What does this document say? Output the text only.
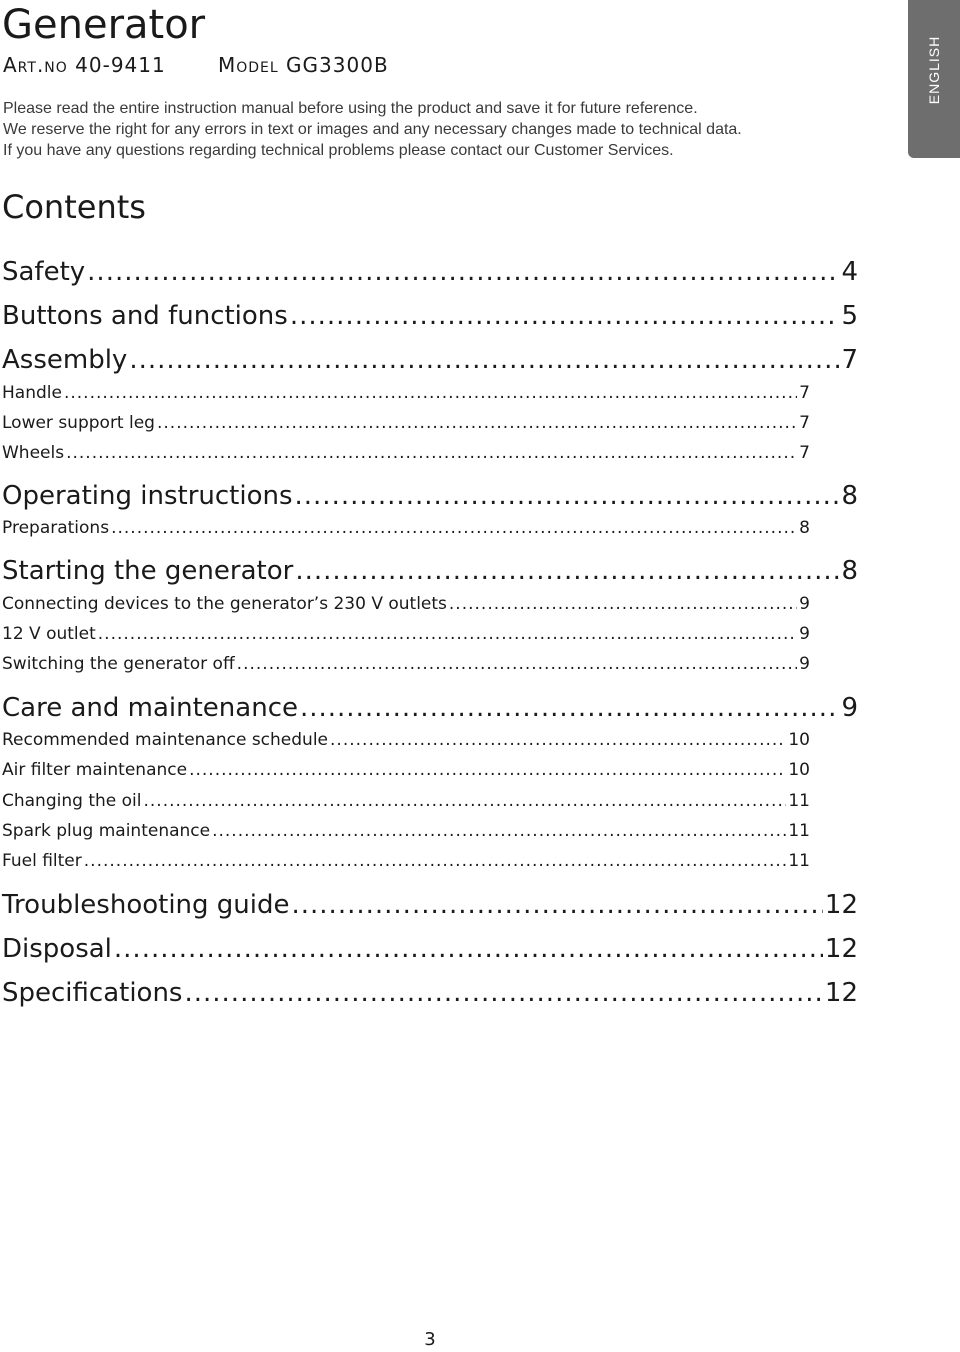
Generator
Art.no 40-9411	Model GG3300B

Please read the entire instruction manual before using the product and save it for future reference.

We reserve the right for any errors in text or images and any necessary changes made to technical data.

If you have any questions regarding technical problems please contact our Customer Services.

ENGLISH
Contents
Safety .....	4
Buttons and functions .....	5
Assembly .....	7
Handle .....	7
Lower support leg .....	7
Wheels .....	7
Operating instructions .....	8
Preparations .....	8
Starting the generator .....	8
Connecting devices to the generator’s 230 V outlets .....	9
12 V outlet .....	9
Switching the generator off .....	9
Care and maintenance .....	9
Recommended maintenance schedule .....	10
Air filter maintenance .....	10
Changing the oil .....	11
Spark plug maintenance .....	11
Fuel filter .....	11
Troubleshooting guide .....	12
Disposal .....	12
Specifications .....	12
3
